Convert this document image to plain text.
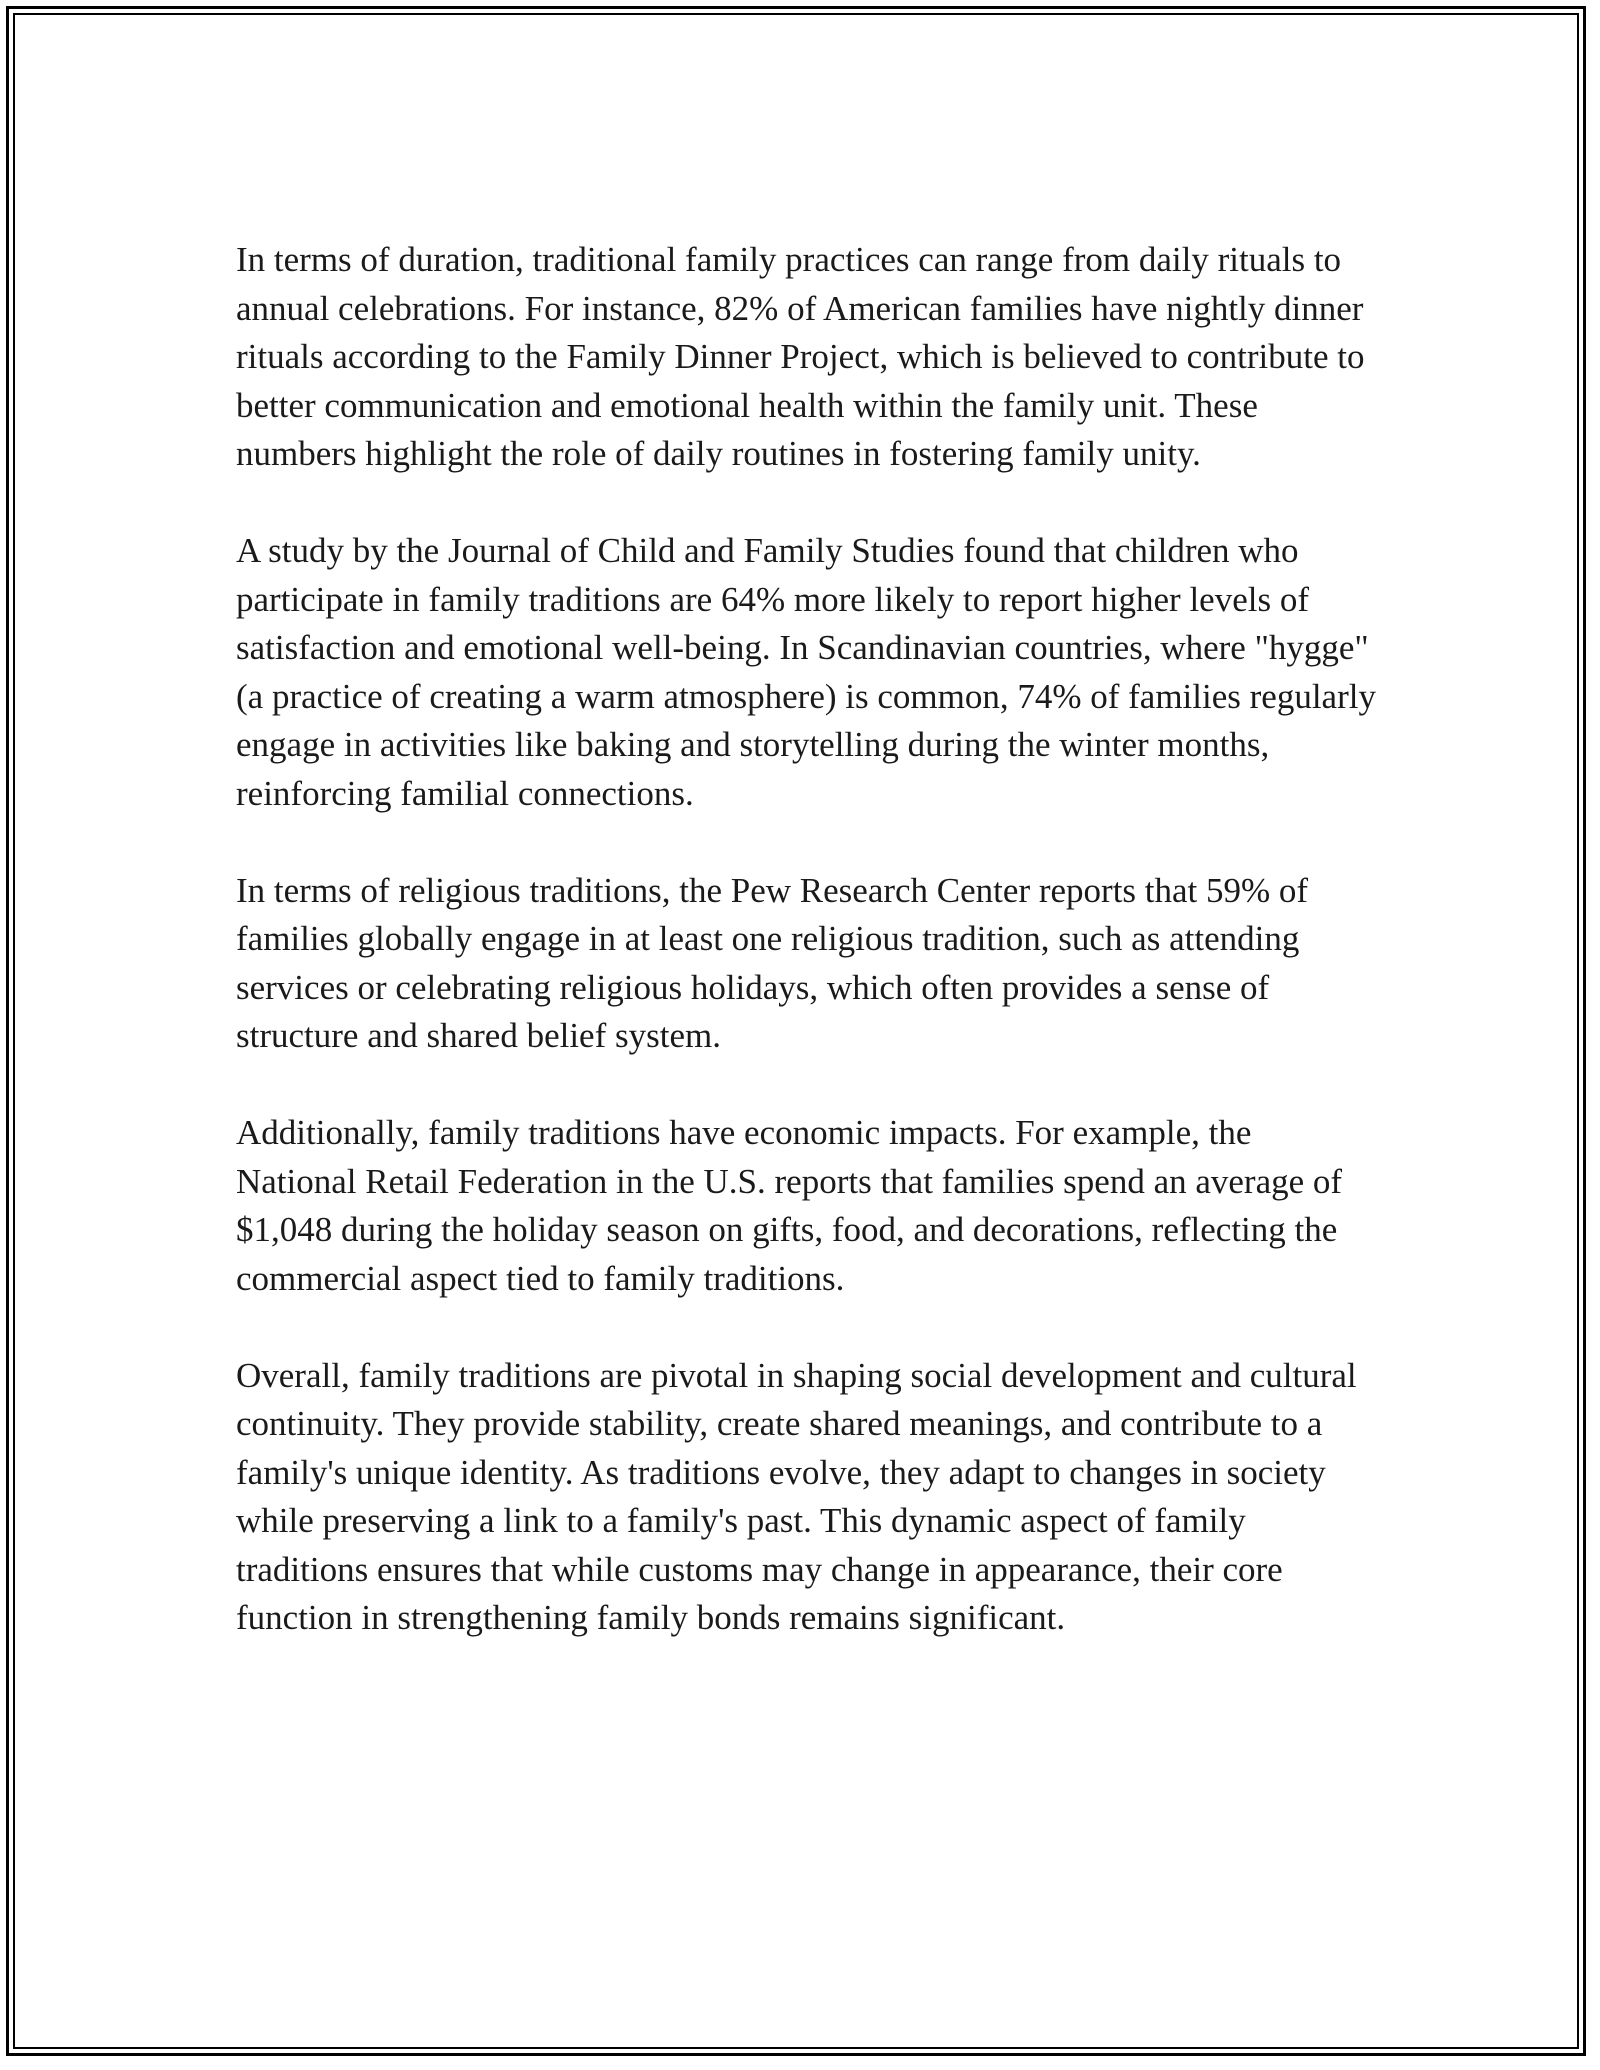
In terms of duration, traditional family practices can range from daily rituals to annual celebrations. For instance, 82% of American families have nightly dinner rituals according to the Family Dinner Project, which is believed to contribute to better communication and emotional health within the family unit. These numbers highlight the role of daily routines in fostering family unity.

A study by the Journal of Child and Family Studies found that children who participate in family traditions are 64% more likely to report higher levels of satisfaction and emotional well-being. In Scandinavian countries, where "hygge" (a practice of creating a warm atmosphere) is common, 74% of families regularly engage in activities like baking and storytelling during the winter months, reinforcing familial connections.

In terms of religious traditions, the Pew Research Center reports that 59% of families globally engage in at least one religious tradition, such as attending services or celebrating religious holidays, which often provides a sense of structure and shared belief system.

Additionally, family traditions have economic impacts. For example, the National Retail Federation in the U.S. reports that families spend an average of $1,048 during the holiday season on gifts, food, and decorations, reflecting the commercial aspect tied to family traditions.

Overall, family traditions are pivotal in shaping social development and cultural continuity. They provide stability, create shared meanings, and contribute to a family's unique identity. As traditions evolve, they adapt to changes in society while preserving a link to a family's past. This dynamic aspect of family traditions ensures that while customs may change in appearance, their core function in strengthening family bonds remains significant.
